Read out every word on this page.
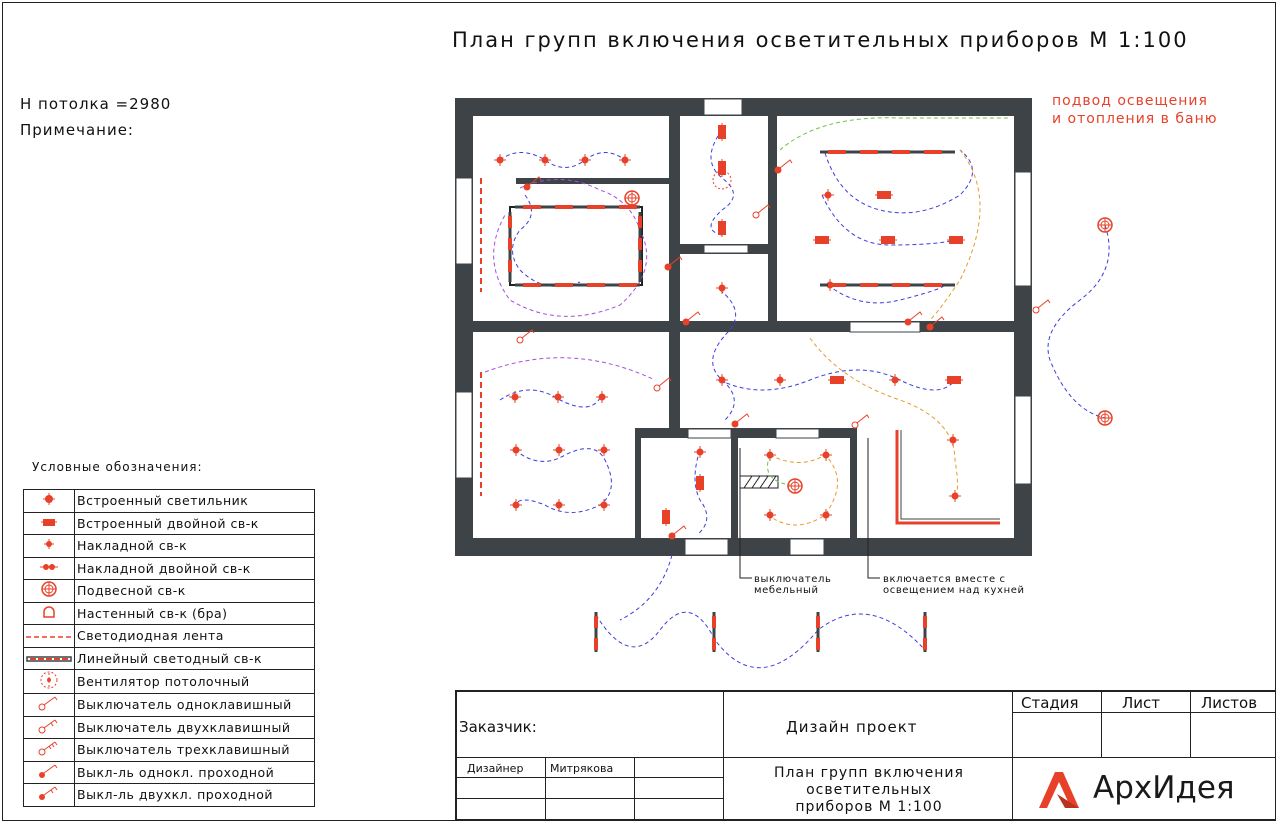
План групп включения осветительных приборов М 1:100
Н потолка =2980
Примечание:
подвод освещения
и отопления в баню
выключатель
мебельный
включается вместе с
освещением над кухней
Условные обозначения:
	Встроенный светильник
	Встроенный двойной св-к
	Накладной св-к
	Накладной двойной св-к
	Подвесной св-к
	Настенный св-к (бра)
	Светодиодная лента
	Линейный светодный св-к
	Вентилятор потолочный
	Выключатель одноклавишный
	Выключатель двухклавишный
	Выключатель трехклавишный
	Выкл-ль однокл. проходной
	Выкл-ль двухкл. проходной
Заказчик:	Дизайн проект
Стадия	Лист	Листов
Дизайнер Митрякова	План групп включения
осветительных
приборов М 1:100
АрхИдея
